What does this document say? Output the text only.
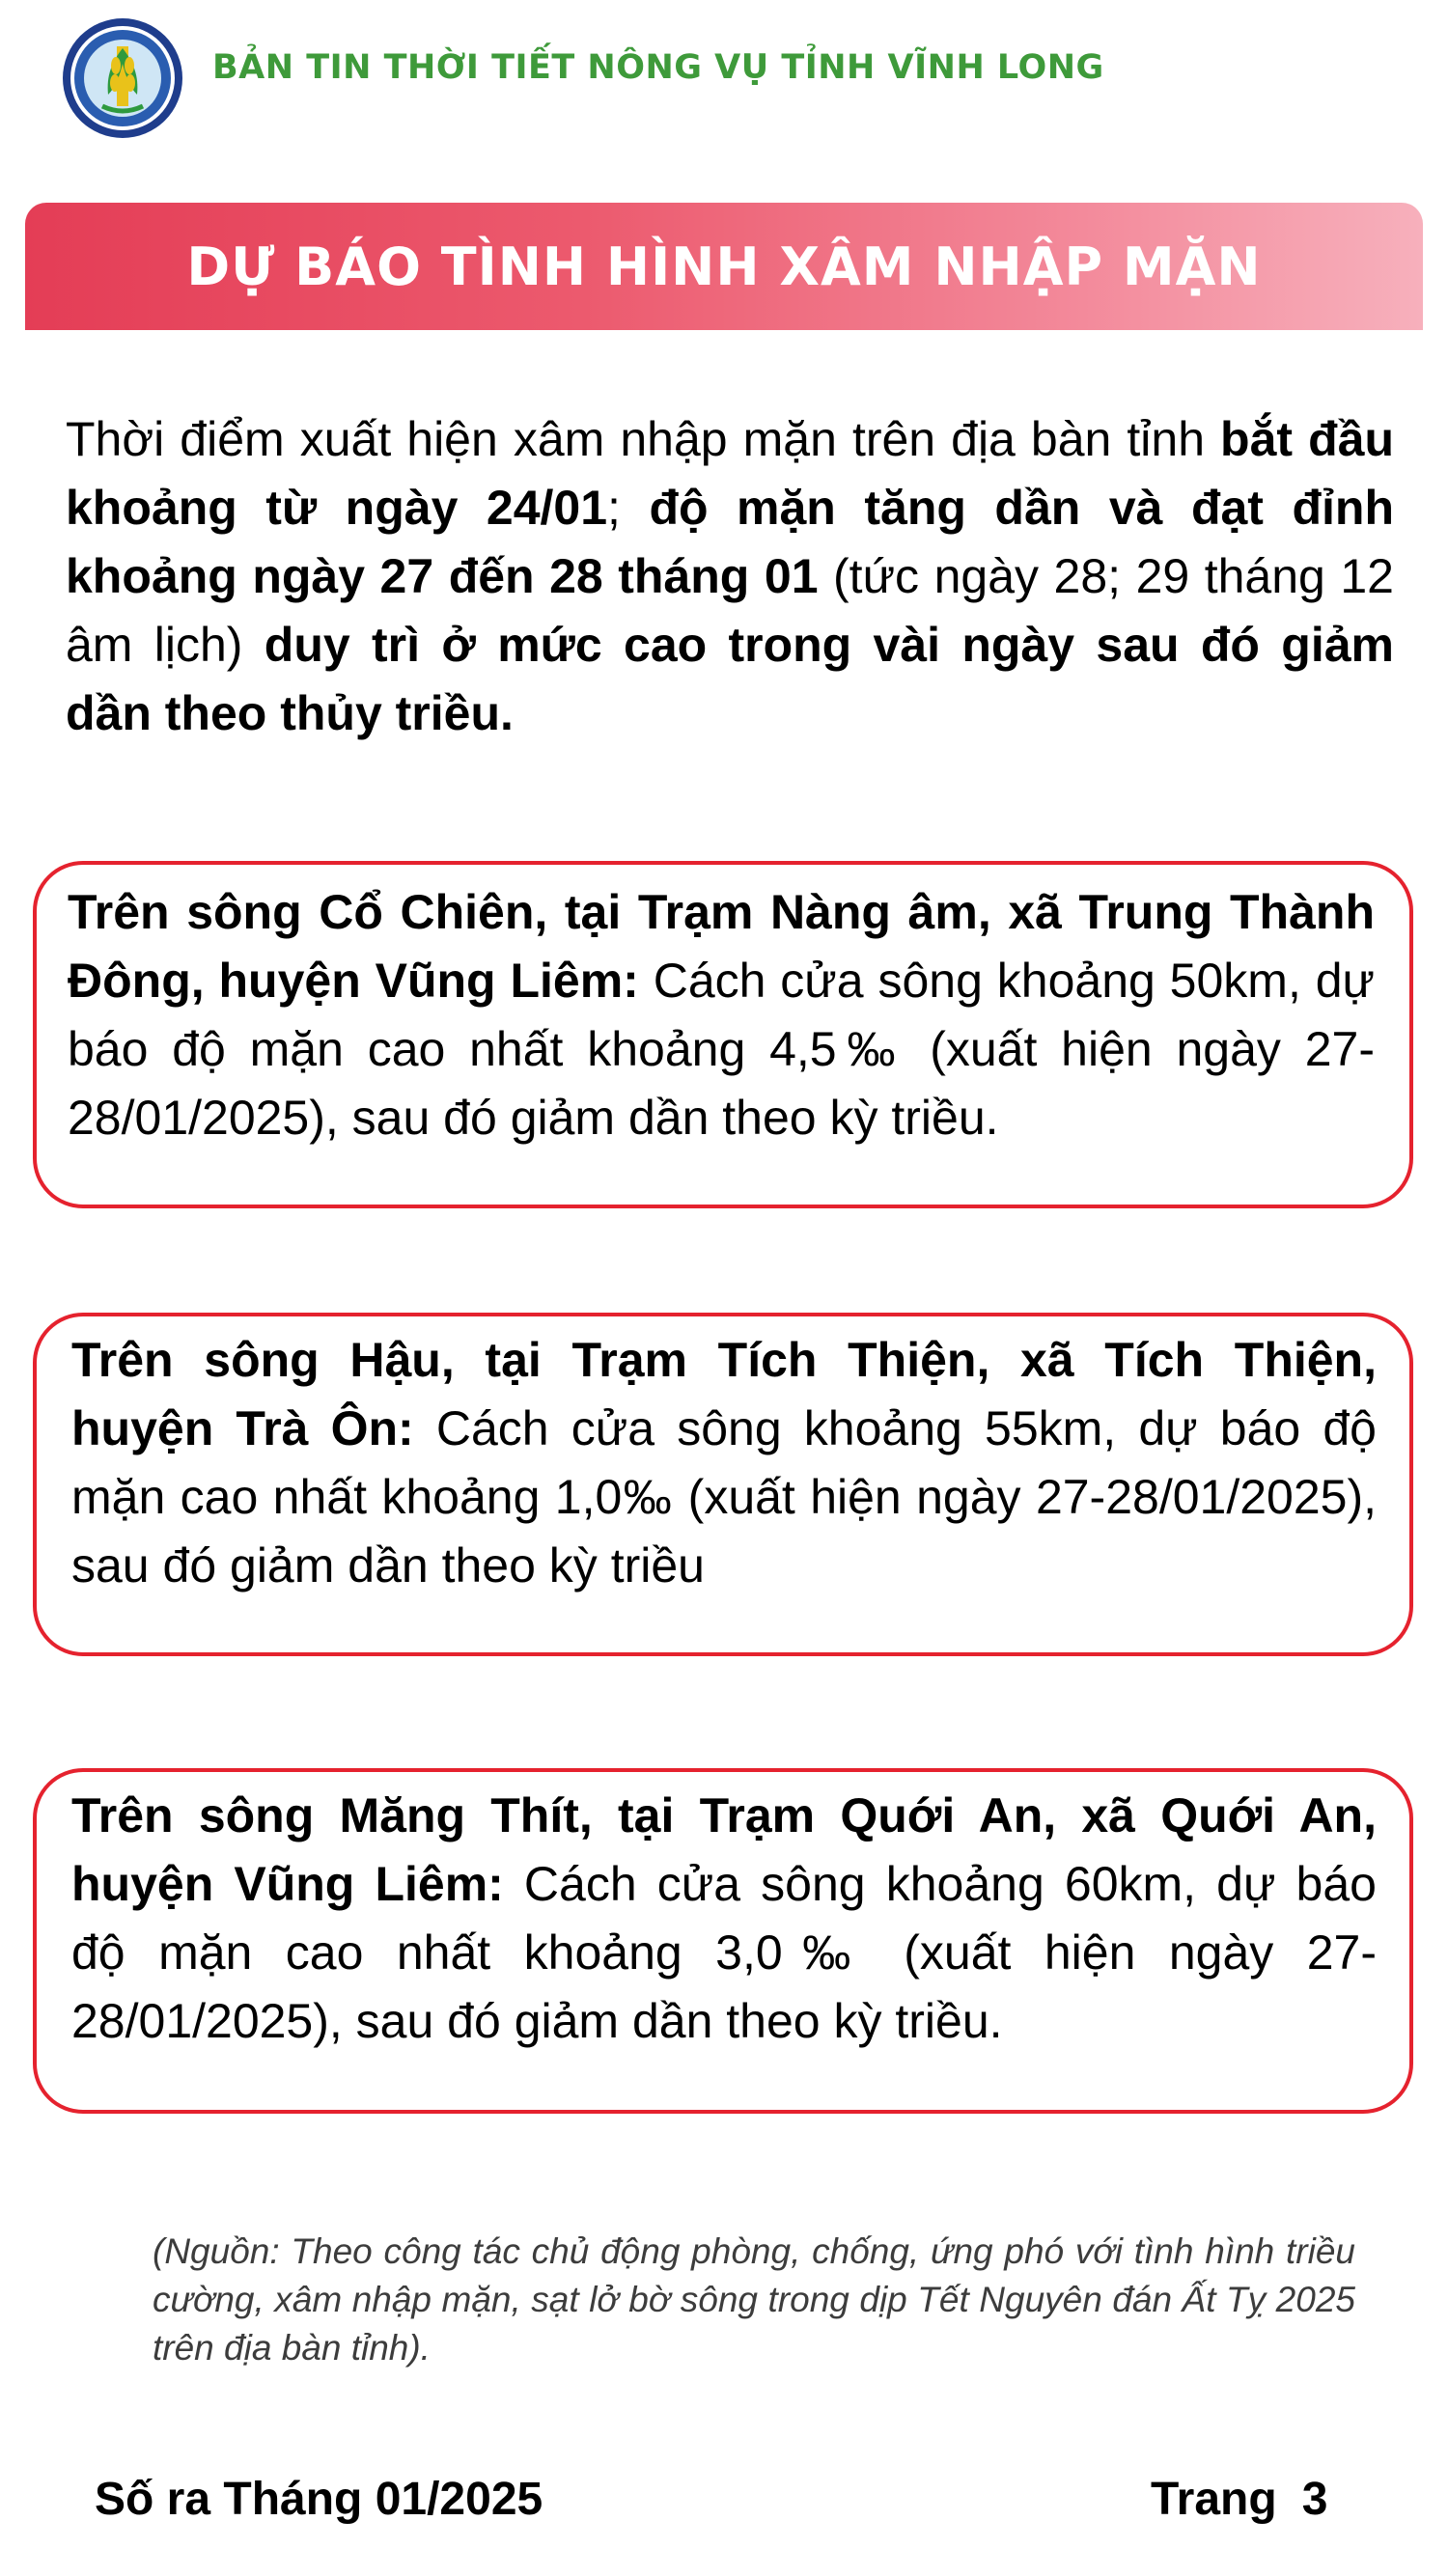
BẢN TIN THỜI TIẾT NÔNG VỤ TỈNH VĨNH LONG
DỰ BÁO TÌNH HÌNH XÂM NHẬP MẶN
Thời điểm xuất hiện xâm nhập mặn trên địa bàn tỉnh bắt đầu khoảng từ ngày 24/01; độ mặn tăng dần và đạt đỉnh khoảng ngày 27 đến 28 tháng 01 (tức ngày 28; 29 tháng 12 âm lịch) duy trì ở mức cao trong vài ngày sau đó giảm dần theo thủy triều.
Trên sông Cổ Chiên, tại Trạm Nàng âm, xã Trung Thành Đông, huyện Vũng Liêm: Cách cửa sông khoảng 50km, dự báo độ mặn cao nhất khoảng 4,5‰ (xuất hiện ngày 27-28/01/2025), sau đó giảm dần theo kỳ triều.
Trên sông Hậu, tại Trạm Tích Thiện, xã Tích Thiện, huyện Trà Ôn: Cách cửa sông khoảng 55km, dự báo độ mặn cao nhất khoảng 1,0‰ (xuất hiện ngày 27-28/01/2025), sau đó giảm dần theo kỳ triều
Trên sông Măng Thít, tại Trạm Quới An, xã Quới An, huyện Vũng Liêm: Cách cửa sông khoảng 60km, dự báo độ mặn cao nhất khoảng 3,0‰ (xuất hiện ngày 27-28/01/2025), sau đó giảm dần theo kỳ triều.
(Nguồn: Theo công tác chủ động phòng, chống, ứng phó với tình hình triều cường, xâm nhập mặn, sạt lở bờ sông trong dịp Tết Nguyên đán Ất Tỵ 2025 trên địa bàn tỉnh).
Số ra Tháng 01/2025	Trang 3
